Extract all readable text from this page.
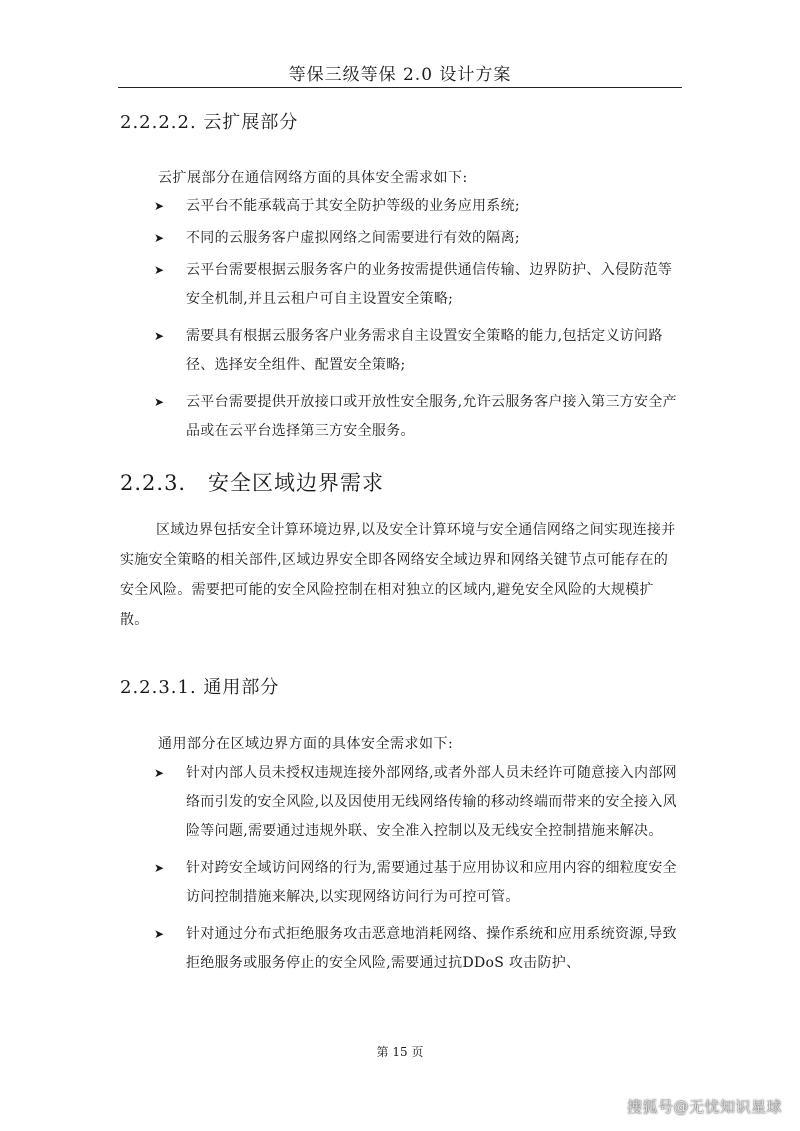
等保三级等保 2.0 设计方案
2.2.2.2. 云扩展部分
云扩展部分在通信网络方面的具体安全需求如下:
➤ 云平台不能承载高于其安全防护等级的业务应用系统;
➤ 不同的云服务客户虚拟网络之间需要进行有效的隔离;
➤ 云平台需要根据云服务客户的业务按需提供通信传输、边界防护、入侵防范等安全机制,并且云租户可自主设置安全策略;
➤ 需要具有根据云服务客户业务需求自主设置安全策略的能力,包括定义访问路径、选择安全组件、配置安全策略;
➤ 云平台需要提供开放接口或开放性安全服务,允许云服务客户接入第三方安全产品或在云平台选择第三方安全服务。
2.2.3. 安全区域边界需求

区域边界包括安全计算环境边界,以及安全计算环境与安全通信网络之间实现连接并实施安全策略的相关部件,区域边界安全即各网络安全域边界和网络关键节点可能存在的安全风险。需要把可能的安全风险控制在相对独立的区域内,避免安全风险的大规模扩散。

2.2.3.1. 通用部分
通用部分在区域边界方面的具体安全需求如下:
➤ 针对内部人员未授权违规连接外部网络,或者外部人员未经许可随意接入内部网络而引发的安全风险,以及因使用无线网络传输的移动终端而带来的安全接入风险等问题,需要通过违规外联、安全准入控制以及无线安全控制措施来解决。
➤ 针对跨安全域访问网络的行为,需要通过基于应用协议和应用内容的细粒度安全访问控制措施来解决,以实现网络访问行为可控可管。
➤ 针对通过分布式拒绝服务攻击恶意地消耗网络、操作系统和应用系统资源,导致拒绝服务或服务停止的安全风险,需要通过抗DDoS 攻击防护、
第 15 页
搜狐号@无忧知识星球
